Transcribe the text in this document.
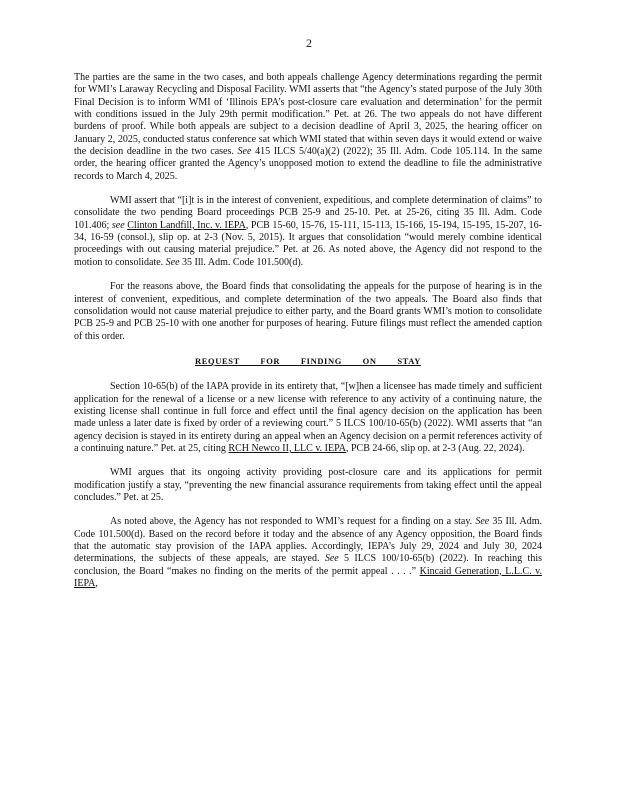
2

The parties are the same in the two cases, and both appeals challenge Agency determinations regarding the permit for WMI’s Laraway Recycling and Disposal Facility. WMI asserts that “the Agency’s stated purpose of the July 30th Final Decision is to inform WMI of ‘Illinois EPA’s post-closure care evaluation and determination’ for the permit with conditions issued in the July 29th permit modification.” Pet. at 26. The two appeals do not have different burdens of proof. While both appeals are subject to a decision deadline of April 3, 2025, the hearing officer on January 2, 2025, conducted status conference sat which WMI stated that within seven days it would extend or waive the decision deadline in the two cases. See 415 ILCS 5/40(a)(2) (2022); 35 Ill. Adm. Code 105.114. In the same order, the hearing officer granted the Agency’s unopposed motion to extend the deadline to file the administrative records to March 4, 2025.

WMI assert that “[i]t is in the interest of convenient, expeditious, and complete determination of claims” to consolidate the two pending Board proceedings PCB 25-9 and 25-10. Pet. at 25-26, citing 35 Ill. Adm. Code 101.406; see Clinton Landfill, Inc. v. IEPA, PCB 15-60, 15-76, 15-111, 15-113, 15-166, 15-194, 15-195, 15-207, 16-34, 16-59 (consol.), slip op. at 2-3 (Nov. 5, 2015). It argues that consolidation “would merely combine identical proceedings with out causing material prejudice.” Pet. at 26. As noted above, the Agency did not respond to the motion to consolidate. See 35 Ill. Adm. Code 101.500(d).

For the reasons above, the Board finds that consolidating the appeals for the purpose of hearing is in the interest of convenient, expeditious, and complete determination of the two appeals. The Board also finds that consolidation would not cause material prejudice to either party, and the Board grants WMI’s motion to consolidate PCB 25-9 and PCB 25-10 with one another for purposes of hearing. Future filings must reflect the amended caption of this order.

REQUEST FOR FINDING ON STAY

Section 10-65(b) of the IAPA provide in its entirety that, “[w]hen a licensee has made timely and sufficient application for the renewal of a license or a new license with reference to any activity of a continuing nature, the existing license shall continue in full force and effect until the final agency decision on the application has been made unless a later date is fixed by order of a reviewing court.” 5 ILCS 100/10-65(b) (2022). WMI asserts that “an agency decision is stayed in its entirety during an appeal when an Agency decision on a permit references activity of a continuing nature.” Pet. at 25, citing RCH Newco II, LLC v. IEPA, PCB 24-66, slip op. at 2-3 (Aug. 22, 2024).

WMI argues that its ongoing activity providing post-closure care and its applications for permit modification justify a stay, “preventing the new financial assurance requirements from taking effect until the appeal concludes.” Pet. at 25.

As noted above, the Agency has not responded to WMI’s request for a finding on a stay. See 35 Ill. Adm. Code 101.500(d). Based on the record before it today and the absence of any Agency opposition, the Board finds that the automatic stay provision of the IAPA applies. Accordingly, IEPA’s July 29, 2024 and July 30, 2024 determinations, the subjects of these appeals, are stayed. See 5 ILCS 100/10-65(b) (2022). In reaching this conclusion, the Board “makes no finding on the merits of the permit appeal . . . .” Kincaid Generation, L.L.C. v. IEPA,
